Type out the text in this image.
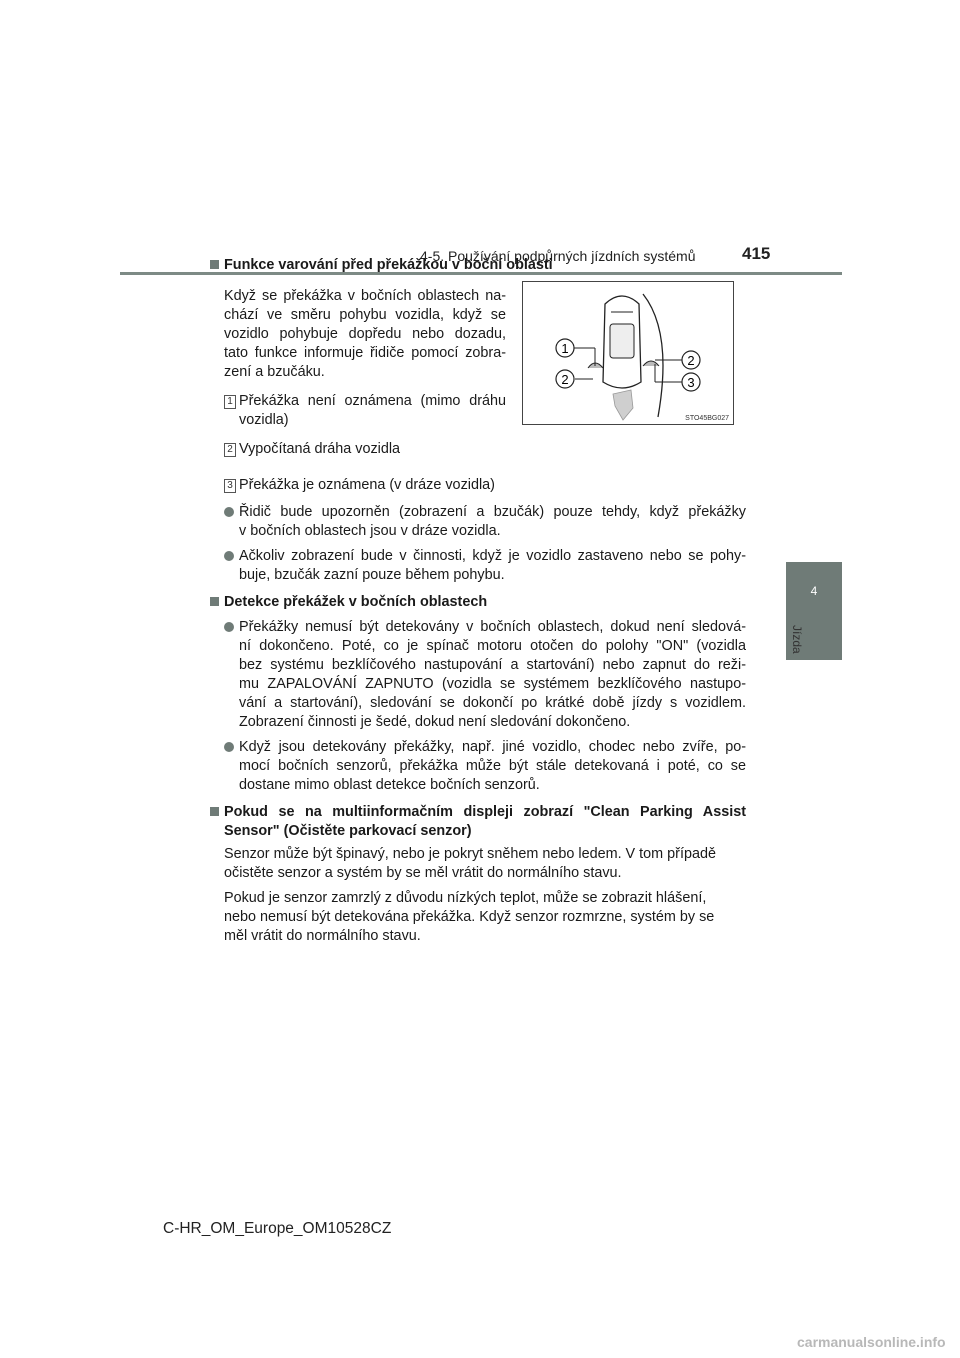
4-5. Používání podpůrných jízdních systémů	415
4
Jízda
Funkce varování před překážkou v boční oblasti
Když se překážka v bočních oblastech na-
chází ve směru pohybu vozidla, když se
vozidlo pohybuje dopředu nebo dozadu,
tato funkce informuje řidiče pomocí zobra-
zení a bzučáku.
1 Překážka není oznámena (mimo dráhu
vozidla)
2 Vypočítaná dráha vozidla
3 Překážka je oznámena (v dráze vozidla)
Řidič bude upozorněn (zobrazení a bzučák) pouze tehdy, když překážky
v bočních oblastech jsou v dráze vozidla.
Ačkoliv zobrazení bude v činnosti, když je vozidlo zastaveno nebo se pohy-
buje, bzučák zazní pouze během pohybu.
Detekce překážek v bočních oblastech
Překážky nemusí být detekovány v bočních oblastech, dokud není sledová-
ní dokončeno. Poté, co je spínač motoru otočen do polohy "ON" (vozidla
bez systému bezklíčového nastupování a startování) nebo zapnut do reži-
mu ZAPALOVÁNÍ ZAPNUTO (vozidla se systémem bezklíčového nastupo-
vání a startování), sledování se dokončí po krátké době jízdy s vozidlem.
Zobrazení činnosti je šedé, dokud není sledování dokončeno.
Když jsou detekovány překážky, např. jiné vozidlo, chodec nebo zvíře, po-
mocí bočních senzorů, překážka může být stále detekovaná i poté, co se
dostane mimo oblast detekce bočních senzorů.
Pokud se na multiinformačním displeji zobrazí "Clean Parking Assist
Sensor" (Očistěte parkovací senzor)
Senzor může být špinavý, nebo je pokryt sněhem nebo ledem. V tom případě
očistěte senzor a systém by se měl vrátit do normálního stavu.
Pokud je senzor zamrzlý z důvodu nízkých teplot, může se zobrazit hlášení,
nebo nemusí být detekována překážka. Když senzor rozmrzne, systém by se
měl vrátit do normálního stavu.
1
2
2
3
STO45BG027
C-HR_OM_Europe_OM10528CZ
carmanualsonline.info
